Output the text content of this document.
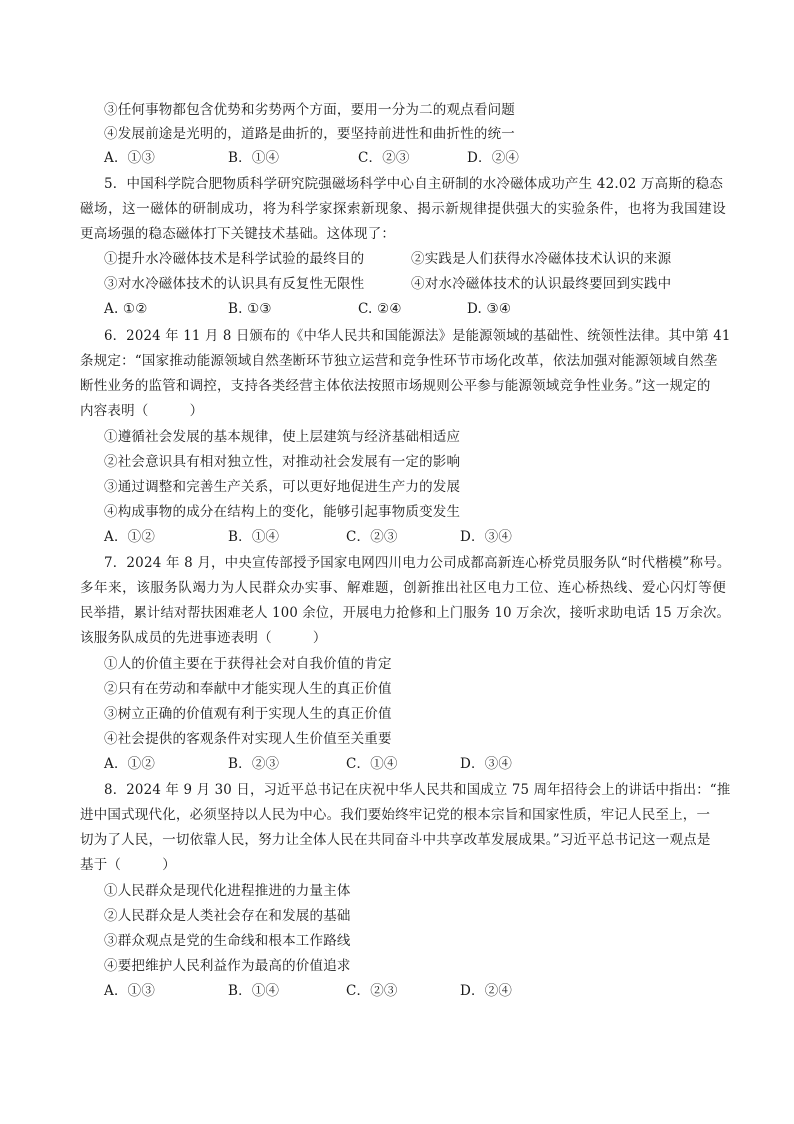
③任何事物都包含优势和劣势两个方面，要用一分为二的观点看问题
④发展前途是光明的，道路是曲折的，要坚持前进性和曲折性的统一
A．①③	B．①④	C．②③	D．②④
5．中国科学院合肥物质科学研究院强磁场科学中心自主研制的水冷磁体成功产生 42.02 万高斯的稳态
磁场，这一磁体的研制成功，将为科学家探索新现象、揭示新规律提供强大的实验条件，也将为我国建设
更高场强的稳态磁体打下关键技术基础。这体现了：
①提升水冷磁体技术是科学试验的最终目的	②实践是人们获得水冷磁体技术认识的来源
③对水冷磁体技术的认识具有反复性无限性	④对水冷磁体技术的认识最终要回到实践中
A. ①②	B. ①③	C. ②④	D. ③④
6．2024 年 11 月 8 日颁布的《中华人民共和国能源法》是能源领域的基础性、统领性法律。其中第 41
条规定：“国家推动能源领域自然垄断环节独立运营和竞争性环节市场化改革，依法加强对能源领域自然垄
断性业务的监管和调控，支持各类经营主体依法按照市场规则公平参与能源领域竞争性业务。”这一规定的
内容表明（　　　）
①遵循社会发展的基本规律，使上层建筑与经济基础相适应
②社会意识具有相对独立性，对推动社会发展有一定的影响
③通过调整和完善生产关系，可以更好地促进生产力的发展
④构成事物的成分在结构上的变化，能够引起事物质变发生
A．①②	B．①④	C．②③	D．③④
7．2024 年 8 月，中央宣传部授予国家电网四川电力公司成都高新连心桥党员服务队“时代楷模”称号。
多年来，该服务队竭力为人民群众办实事、解难题，创新推出社区电力工位、连心桥热线、爱心闪灯等便
民举措，累计结对帮扶困难老人 100 余位，开展电力抢修和上门服务 10 万余次，接听求助电话 15 万余次。
该服务队成员的先进事迹表明（　　　）
①人的价值主要在于获得社会对自我价值的肯定
②只有在劳动和奉献中才能实现人生的真正价值
③树立正确的价值观有利于实现人生的真正价值
④社会提供的客观条件对实现人生价值至关重要
A．①②	B．②③	C．①④	D．③④
8．2024 年 9 月 30 日，习近平总书记在庆祝中华人民共和国成立 75 周年招待会上的讲话中指出：“推
进中国式现代化，必须坚持以人民为中心。我们要始终牢记党的根本宗旨和国家性质，牢记人民至上，一
切为了人民，一切依靠人民，努力让全体人民在共同奋斗中共享改革发展成果。”习近平总书记这一观点是
基于（　　　）
①人民群众是现代化进程推进的力量主体
②人民群众是人类社会存在和发展的基础
③群众观点是党的生命线和根本工作路线
④要把维护人民利益作为最高的价值追求
A．①③	B．①④	C．②③	D．②④
